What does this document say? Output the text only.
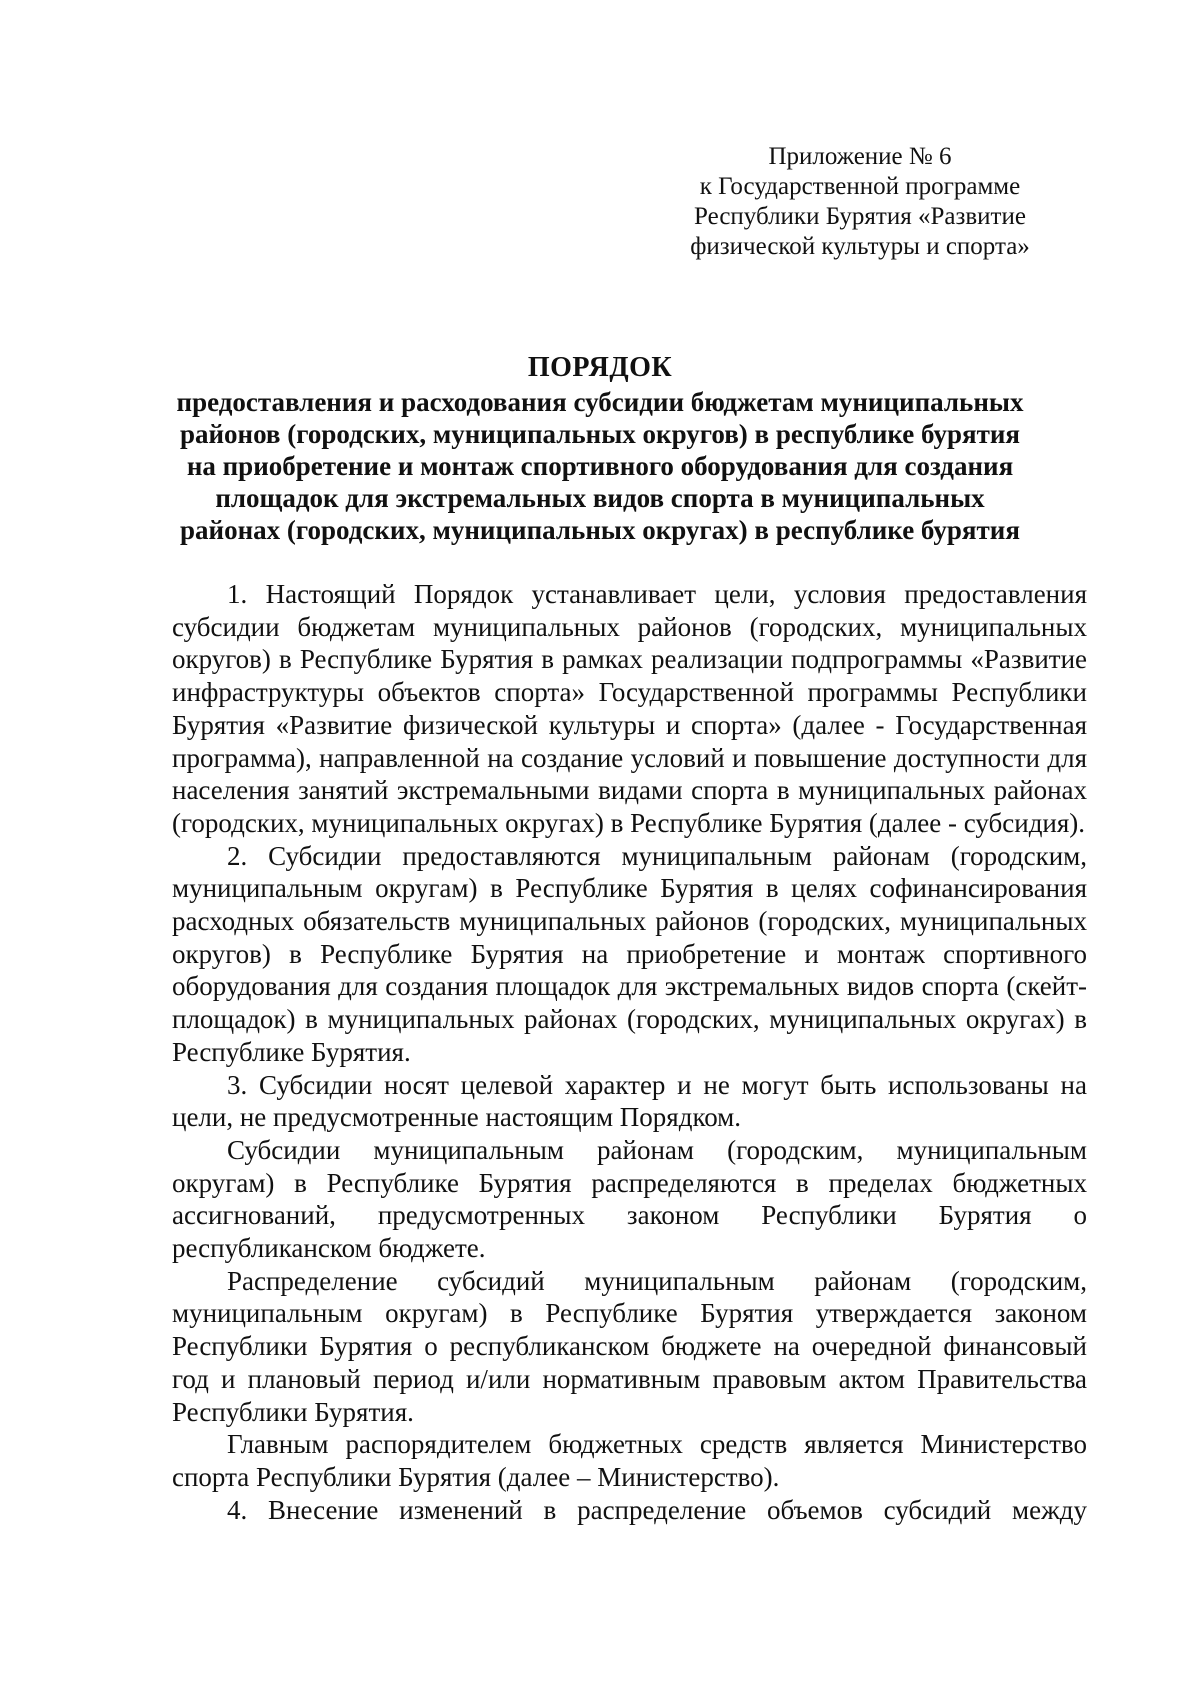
Приложение № 6
к Государственной программе
Республики Бурятия «Развитие
физической культуры и спорта»
ПОРЯДОК
предоставления и расходования субсидии бюджетам муниципальных
районов (городских, муниципальных округов) в республике бурятия
на приобретение и монтаж спортивного оборудования для создания
площадок для экстремальных видов спорта в муниципальных
районах (городских, муниципальных округах) в республике бурятия

1. Настоящий Порядок устанавливает цели, условия предоставления субсидии бюджетам муниципальных районов (городских, муниципальных округов) в Республике Бурятия в рамках реализации подпрограммы «Развитие инфраструктуры объектов спорта» Государственной программы Республики Бурятия «Развитие физической культуры и спорта» (далее - Государственная программа), направленной на создание условий и повышение доступности для населения занятий экстремальными видами спорта в муниципальных районах (городских, муниципальных округах) в Республике Бурятия (далее - субсидия).

2. Субсидии предоставляются муниципальным районам (городским, муниципальным округам) в Республике Бурятия в целях софинансирования расходных обязательств муниципальных районов (городских, муниципальных округов) в Республике Бурятия на приобретение и монтаж спортивного оборудования для создания площадок для экстремальных видов спорта (скейт-площадок) в муниципальных районах (городских, муниципальных округах) в Республике Бурятия.

3. Субсидии носят целевой характер и не могут быть использованы на цели, не предусмотренные настоящим Порядком.

Субсидии муниципальным районам (городским, муниципальным округам) в Республике Бурятия распределяются в пределах бюджетных ассигнований, предусмотренных законом Республики Бурятия о республиканском бюджете.

Распределение субсидий муниципальным районам (городским, муниципальным округам) в Республике Бурятия утверждается законом Республики Бурятия о республиканском бюджете на очередной финансовый год и плановый период и/или нормативным правовым актом Правительства Республики Бурятия.

Главным распорядителем бюджетных средств является Министерство спорта Республики Бурятия (далее – Министерство).

4. Внесение изменений в распределение объемов субсидий между
